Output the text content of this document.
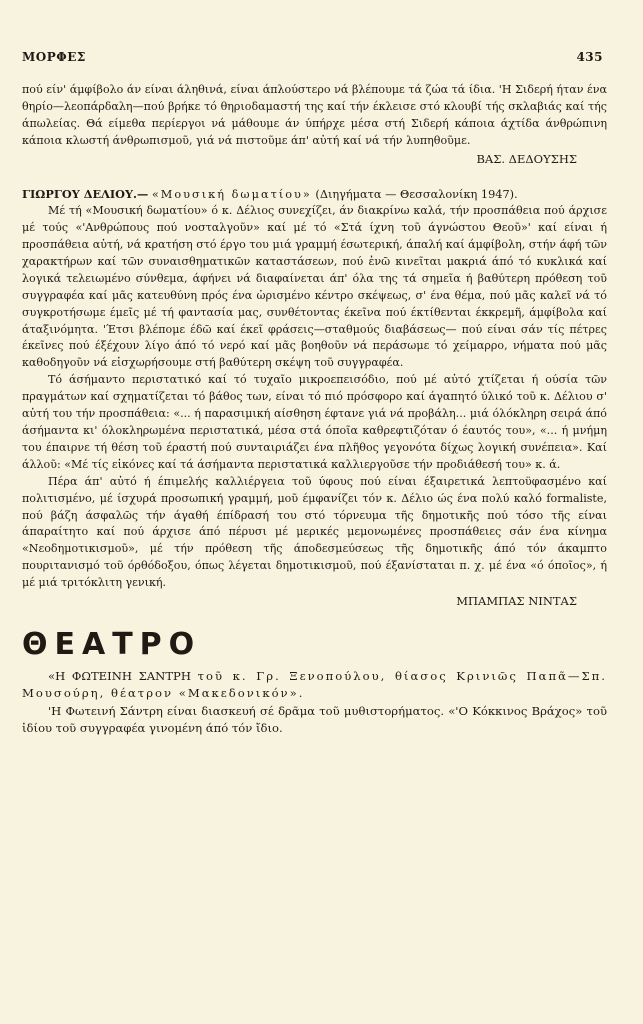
ΜΟΡΦΕΣ	435

πού είν' άμφίβολο άν είναι άληθινά, είναι άπλούστερο νά βλέπουμε τά ζώα τά ίδια. 'Η Σιδερή ήταν ένα θηρίο—λεοπάρδαλη—πού βρήκε τό θηριοδαμαστή της καί τήν έκλεισε στό κλουβί τής σκλαβιάς καί τής άπωλείας. Θά είμεθα περίεργοι νά μάθουμε άν ύπήρχε μέσα στή Σιδερή κάποια άχτίδα άνθρώπινη κάποια κλωστή άνθρωπισμοῦ, γιά νά πιστοῦμε άπ' αὐτή καί νά τήν λυπηθοῦμε.

ΒΑΣ. ΔΕΔΟΥΣΗΣ
ΓΙΩΡΓΟΥ ΔΕΛΙΟΥ.— «Μουσική δωματίου» (Διηγήματα — Θεσσαλονίκη 1947).

Μέ τή «Μουσική δωματίου» ό κ. Δέλιος συνεχίζει, άν διακρίνω καλά, τήν προσπάθεια πού άρχισε μέ τούς «'Ανθρώπους πού νοσταλγοῦν» καί μέ τό «Στά ίχνη τοῦ άγνώστου Θεοῦ»' καί είναι ή προσπάθεια αὐτή, νά κρατήση στό έργο του μιά γραμμή έσωτερική, άπαλή καί άμφίβολη, στήν άφή τῶν χαρακτήρων καί τῶν συναισθηματικῶν καταστάσεων, πού ἐνῶ κινεῖται μακριά άπό τό κυκλικά καί λογικά τελειωμένο σύνθεμα, άφήνει νά διαφαίνεται άπ' όλα της τά σημεῖα ή βαθύτερη πρόθεση τοῦ συγγραφέα καί μᾶς κατευθύνη πρός ένα ὡρισμένο κέντρο σκέψεως, σ' ένα θέμα, πού μᾶς καλεῖ νά τό συγκροτήσωμε έμεῖς μέ τή φαντασία μας, συνθέτοντας έκεῖνα πού έκτίθενται έκκρεμῆ, άμφίβολα καί άταξινόμητα. 'Έτσι βλέπομε έδῶ καί έκεῖ φράσεις—σταθμούς διαβάσεως— πού είναι σάν τίς πέτρες έκεῖνες πού έξέχουν λίγο άπό τό νερό καί μᾶς βοηθοῦν νά περάσωμε τό χείμαρρο, νήματα πού μᾶς καθοδηγοῦν νά εἰσχωρήσουμε στή βαθύτερη σκέψη τοῦ συγγραφέα.

Τό άσήμαντο περιστατικό καί τό τυχαῖο μικροεπεισόδιο, πού μέ αὐτό χτίζεται ή ούσία τῶν πραγμάτων καί σχηματίζεται τό βάθος των, είναι τό πιό πρόσφορο καί άγαπητό ύλικό τοῦ κ. Δέλιου σ' αὐτή του τήν προσπάθεια: «... ή παρασιμική αίσθηση έφτανε γιά νά προβάλη... μιά όλόκληρη σειρά άπό άσήμαντα κι' όλοκληρωμένα περιστατικά, μέσα στά όποῖα καθρεφτιζόταν ό έαυτός του», «... ή μνήμη του έπαιρνε τή θέση τοῦ έραστή πού συνταιριάζει ένα πλῆθος γεγονότα δίχως λογική συνέπεια». Καί άλλοῦ: «Μέ τίς εἰκόνες καί τά άσήμαντα περιστατικά καλλιεργοῦσε τήν προδιάθεσή του» κ. ά.

Πέρα άπ' αὐτό ή έπιμελής καλλιέργεια τοῦ ύφους πού είναι έξαιρετικά λεπτοϋφασμένο καί πολιτισμένο, μέ ίσχυρά προσωπική γραμμή, μοῦ έμφανίζει τόν κ. Δέλιο ώς ένα πολύ καλό formaliste, πού βάζη άσφαλῶς τήν άγαθή έπίδρασή του στό τόρνευμα τῆς δημοτικῆς πού τόσο τῆς είναι άπαραίτητο καί πού άρχισε άπό πέρυσι μέ μερικές μεμονωμένες προσπάθειες σάν ένα κίνημα «Νεοδημοτικισμοῦ», μέ τήν πρόθεση τῆς άποδεσμεύσεως τῆς δημοτικῆς άπό τόν άκαμπτο πουριτανισμό τοῦ όρθόδοξου, όπως λέγεται δημοτικισμοῦ, πού έξανίσταται π. χ. μέ ένα «ό όποῖος», ή μέ μιά τριτόκλιτη γενική.

ΜΠΑΜΠΑΣ ΝΙΝΤΑΣ
ΘΕΑΤΡΟ

«Η ΦΩΤΕΙΝΗ ΣΑΝΤΡΗ τοῦ κ. Γρ. Ξενοπούλου, θίασος Κρινιῶς Παπᾶ—Σπ. Μουσούρη, θέατρον «Μακεδονικόν».

'Η Φωτεινή Σάντρη είναι διασκευή σέ δρᾶμα τοῦ μυθιστορήματος. «'Ο Κόκκινος Βράχος» τοῦ ἰδίου τοῦ συγγραφέα γινομένη άπό τόν ἴδιο.
